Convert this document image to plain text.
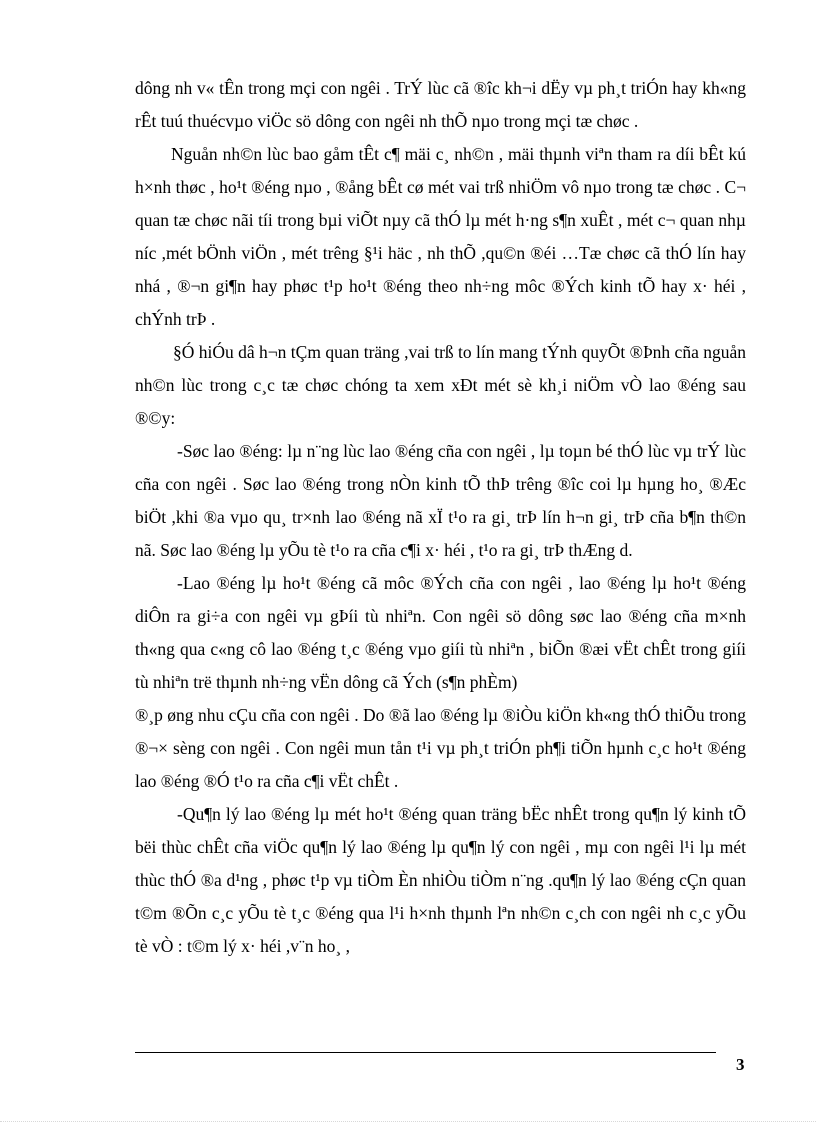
dông nh v« tÊn trong mçi con ngêi . TrÝ lùc cã ®îc kh¬i dËy vµ ph¸t triÓn hay kh«ng rÊt tuú thuécvµo viÖc sö dông con ngêi nh thÕ nµo trong mçi tæ chøc .

Nguån nh©n lùc bao gåm tÊt c¶ mäi c¸ nh©n , mäi thµnh viªn tham ra díi bÊt kú h×nh thøc , ho¹t ®éng nµo , ®ång bÊt cø mét vai trß nhiÖm vô nµo trong tæ chøc . C¬ quan tæ chøc nãi tíi trong bµi viÕt nµy cã thÓ lµ mét h·ng s¶n xuÊt , mét c¬ quan nhµ níc ,mét bÖnh viÖn , mét trêng §¹i häc , nh thÕ ,qu©n ®éi …Tæ chøc cã thÓ lín hay nhá , ®¬n gi¶n hay phøc t¹p ho¹t ®éng theo nh÷ng môc ®Ých kinh tÕ hay x· héi , chÝnh trÞ .

§Ó hiÓu dâ h¬n tÇm quan träng ,vai trß to lín mang tÝnh quyÕt ®Þnh cña nguån nh©n lùc trong c¸c tæ chøc chóng ta xem xÐt mét sè kh¸i niÖm vÒ lao ®éng sau ®©y:

-Søc lao ®éng: lµ n¨ng lùc lao ®éng cña con ngêi , lµ toµn bé thÓ lùc vµ trÝ lùc cña con ngêi . Søc lao ®éng trong nÒn kinh tÕ thÞ trêng ®îc coi lµ hµng ho¸ ®Æc biÖt ,khi ®a vµo qu¸ tr×nh lao ®éng nã xÏ t¹o ra gi¸ trÞ lín h¬n gi¸ trÞ cña b¶n th©n nã. Søc lao ®éng lµ yÕu tè t¹o ra cña c¶i x· héi , t¹o ra gi¸ trÞ thÆng d.

-Lao ®éng lµ ho¹t ®éng cã môc ®Ých cña con ngêi , lao ®éng lµ ho¹t ®éng diÔn ra gi÷a con ngêi vµ gÞíi tù nhiªn. Con ngêi sö dông søc lao ®éng cña m×nh th«ng qua c«ng cô lao ®éng t¸c ®éng vµo giíi tù nhiªn , biÕn ®æi vËt chÊt trong giíi tù nhiªn trë thµnh nh÷ng vËn dông cã Ých (s¶n phÈm)

®¸p øng nhu cÇu cña con ngêi . Do ®ã lao ®éng lµ ®iÒu kiÖn kh«ng thÓ thiÕu trong ®¬× sèng con ngêi . Con ngêi mun tån t¹i vµ ph¸t triÓn ph¶i tiÕn hµnh c¸c ho¹t ®éng lao ®éng ®Ó t¹o ra cña c¶i vËt chÊt .

-Qu¶n lý lao ®éng lµ mét ho¹t ®éng quan träng bËc nhÊt trong qu¶n lý kinh tÕ bëi thùc chÊt cña viÖc qu¶n lý lao ®éng lµ qu¶n lý con ngêi , mµ con ngêi l¹i lµ mét thùc thÓ ®a d¹ng , phøc t¹p vµ tiÒm Èn nhiÒu tiÒm n¨ng .qu¶n lý lao ®éng cÇn quan t©m ®Õn c¸c yÕu tè t¸c ®éng qua l¹i h×nh thµnh lªn nh©n c¸ch con ngêi nh c¸c yÕu tè vÒ : t©m lý x· héi ,v¨n ho¸ ,

3
